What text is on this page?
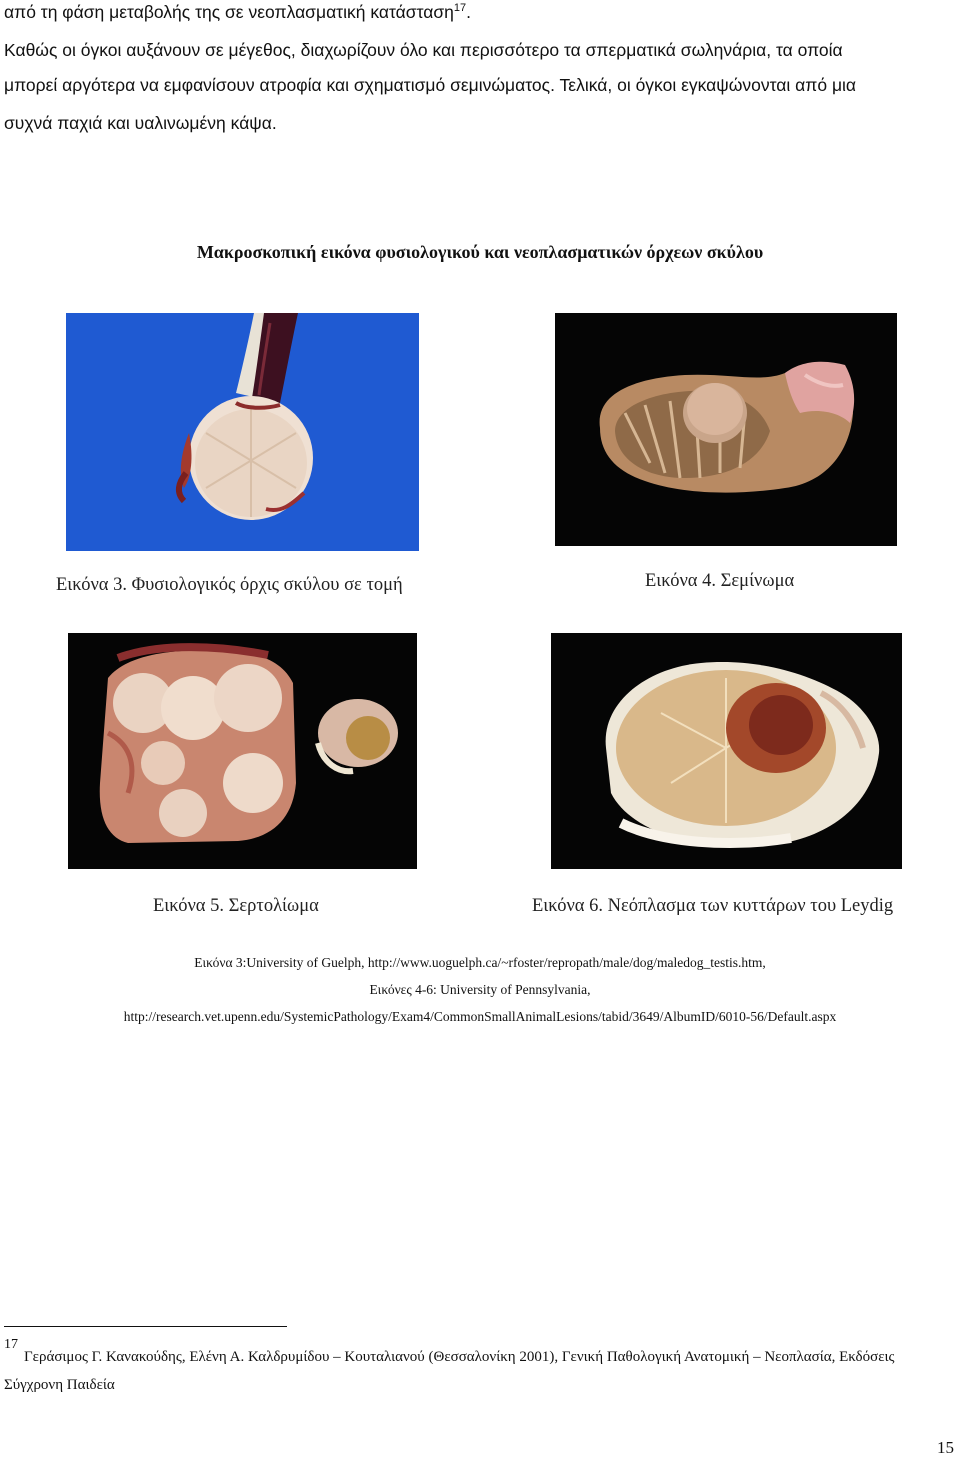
από τη φάση μεταβολής της σε νεοπλασματική κατάσταση$^{17}$.
Καθώς οι όγκοι αυξάνουν σε μέγεθος, διαχωρίζουν όλο και περισσότερο τα σπερματικά σωληνάρια, τα οποία
μπορεί αργότερα να εμφανίσουν ατροφία και σχηματισμό σεμινώματος. Τελικά, οι όγκοι εγκαψώνονται από μια
συχνά παχιά και υαλινωμένη κάψα.
Μακροσκοπική εικόνα φυσιολογικού και νεοπλασματικών όρχεων σκύλου
Εικόνα 3. Φυσιολογικός όρχις σκύλου σε τομή	Εικόνα 4. Σεμίνωμα
Εικόνα 5. Σερτολίωμα	Εικόνα 6. Νεόπλασμα των κυττάρων του Leydig
Εικόνα 3:University of Guelph, http://www.uoguelph.ca/~rfoster/repropath/male/dog/maledog_testis.htm,
Εικόνες 4-6: University of Pennsylvania,
http://research.vet.upenn.edu/SystemicPathology/Exam4/CommonSmallAnimalLesions/tabid/3649/AlbumID/6010-56/Default.aspx
17
Γεράσιμος Γ. Κανακούδης, Ελένη Α. Καλδρυμίδου – Κουταλιανού (Θεσσαλονίκη 2001), Γενική Παθολογική Ανατομική – Νεοπλασία, Εκδόσεις
Σύγχρονη Παιδεία
15
